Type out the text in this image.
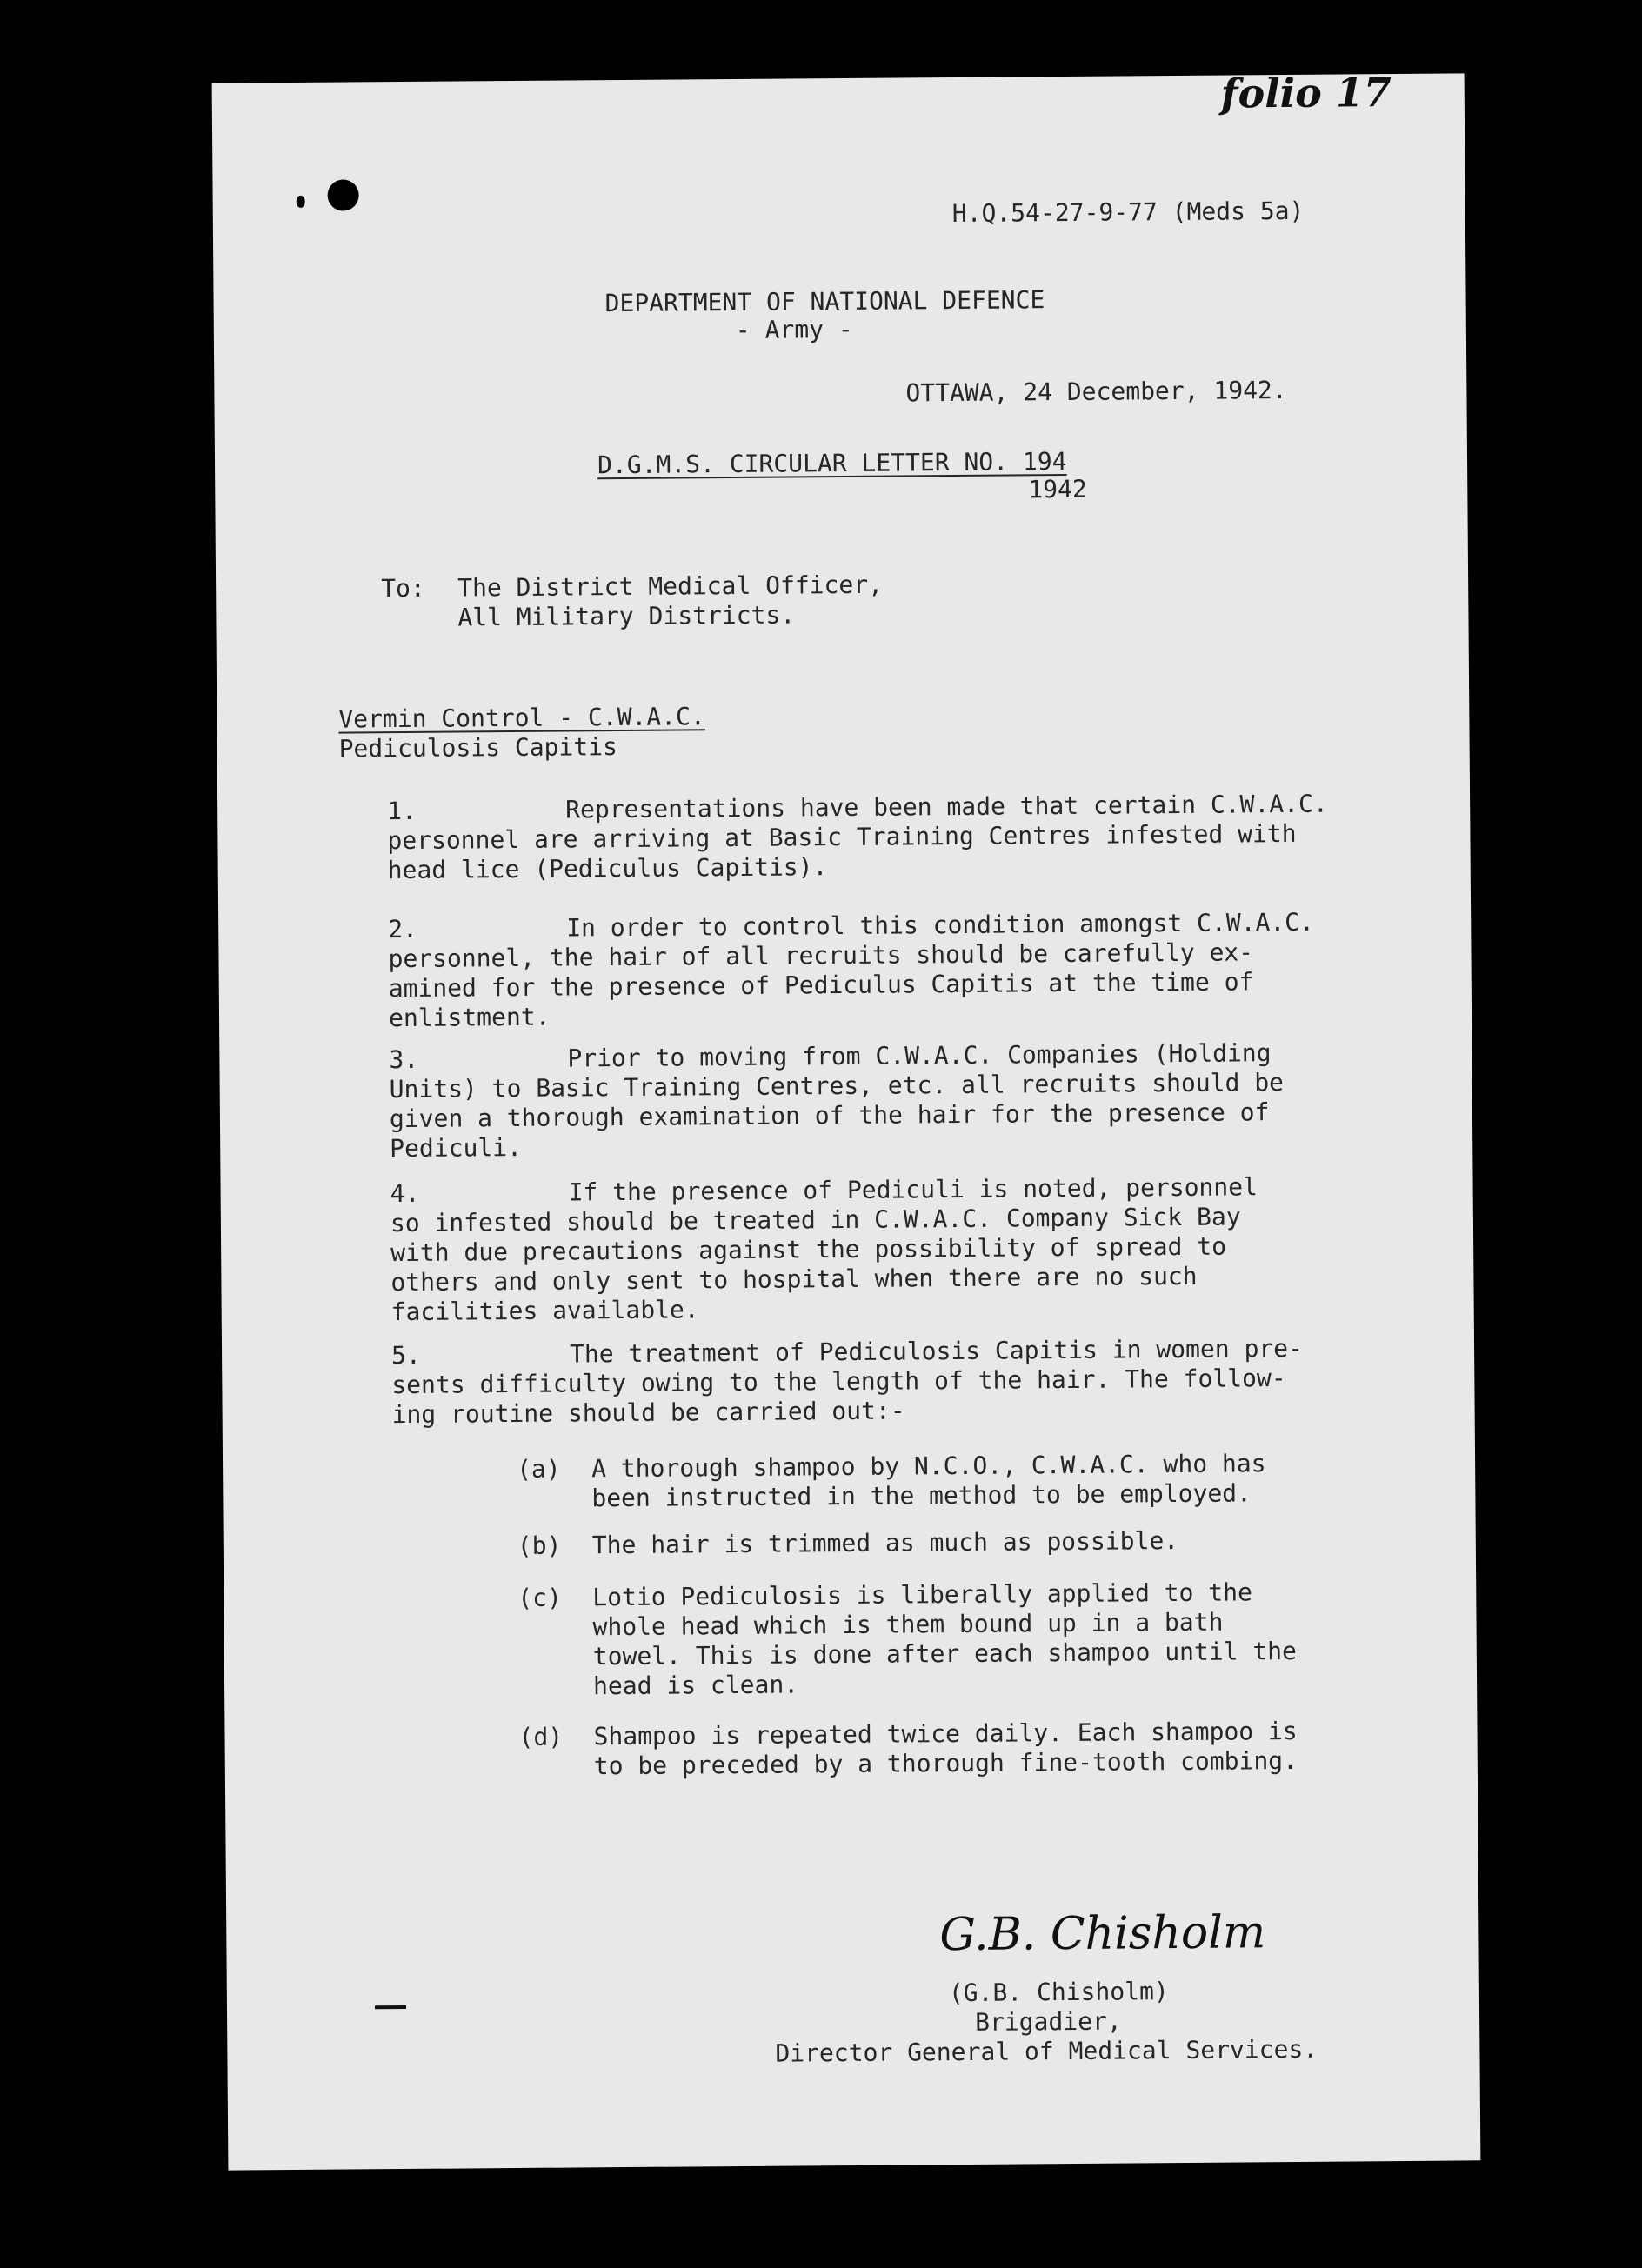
folio 17
H.Q.54-27-9-77 (Meds 5a)
DEPARTMENT OF NATIONAL DEFENCE
- Army -
OTTAWA, 24 December, 1942.
D.G.M.S. CIRCULAR LETTER NO. 194
1942
To: The District Medical Officer,
All Military Districts.
Vermin Control - C.W.A.C.
Pediculosis Capitis
1.	Representations have been made that certain C.W.A.C.
personnel are arriving at Basic Training Centres infested with
head lice (Pediculus Capitis).
2.	In order to control this condition amongst C.W.A.C.
personnel, the hair of all recruits should be carefully ex-
amined for the presence of Pediculus Capitis at the time of
enlistment.
3.	Prior to moving from C.W.A.C. Companies (Holding
Units) to Basic Training Centres, etc. all recruits should be
given a thorough examination of the hair for the presence of
Pediculi.
4.	If the presence of Pediculi is noted, personnel
so infested should be treated in C.W.A.C. Company Sick Bay
with due precautions against the possibility of spread to
others and only sent to hospital when there are no such
facilities available.
5.	The treatment of Pediculosis Capitis in women pre-
sents difficulty owing to the length of the hair. The follow-
ing routine should be carried out:-
(a) A thorough shampoo by N.C.O., C.W.A.C. who has
been instructed in the method to be employed.
(b) The hair is trimmed as much as possible.
(c) Lotio Pediculosis is liberally applied to the
whole head which is them bound up in a bath
towel. This is done after each shampoo until the
head is clean.
(d) Shampoo is repeated twice daily. Each shampoo is
to be preceded by a thorough fine-tooth combing.
G.B. Chisholm
(G.B. Chisholm)
Brigadier,
Director General of Medical Services.
